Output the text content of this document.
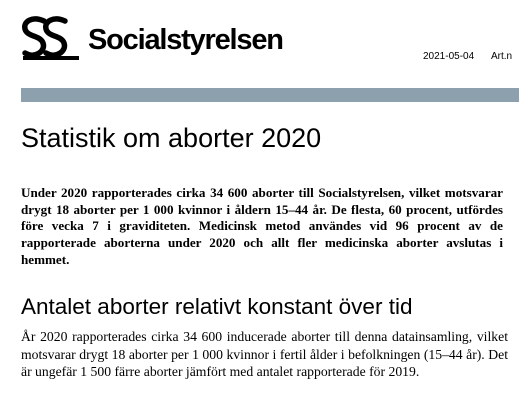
Socialstyrelsen
2021-05-04 Art.n
Statistik om aborter 2020

Under 2020 rapporterades cirka 34 600 aborter till Socialstyrelsen, vilket motsvarar drygt 18 aborter per 1 000 kvinnor i åldern 15–44 år. De flesta, 60 procent, utfördes före vecka 7 i graviditeten. Medicinsk metod användes vid 96 procent av de rapporterade aborterna under 2020 och allt fler medicinska aborter avslutas i hemmet.

Antalet aborter relativt konstant över tid

År 2020 rapporterades cirka 34 600 inducerade aborter till denna datainsamling, vilket motsvarar drygt 18 aborter per 1 000 kvinnor i fertil ålder i befolkningen (15–44 år). Det är ungefär 1 500 färre aborter jämfört med antalet rapporterade för 2019.
